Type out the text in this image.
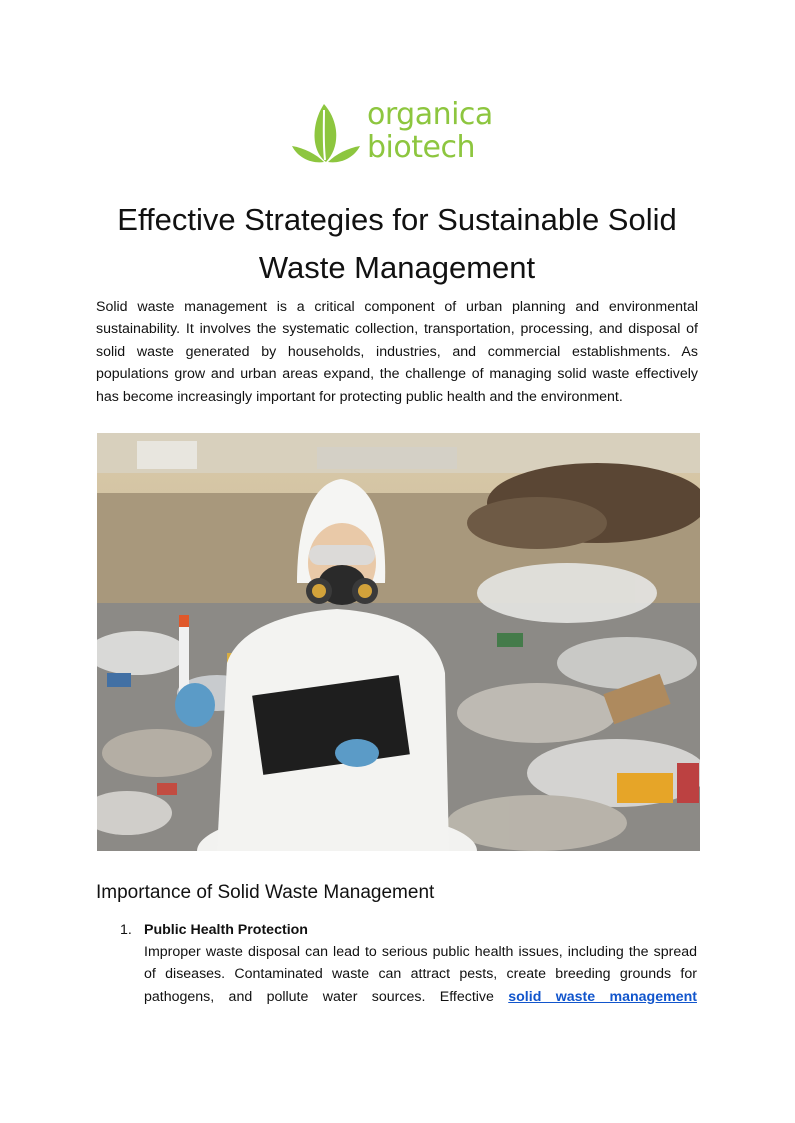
organica
biotech
Effective Strategies for Sustainable Solid Waste Management

Solid waste management is a critical component of urban planning and environmental sustainability. It involves the systematic collection, transportation, processing, and disposal of solid waste generated by households, industries, and commercial establishments. As populations grow and urban areas expand, the challenge of managing solid waste effectively has become increasingly important for protecting public health and the environment.

Importance of Solid Waste Management
1. Public Health Protection

Improper waste disposal can lead to serious public health issues, including the spread of diseases. Contaminated waste can attract pests, create breeding grounds for pathogens, and pollute water sources. Effective solid waste management
